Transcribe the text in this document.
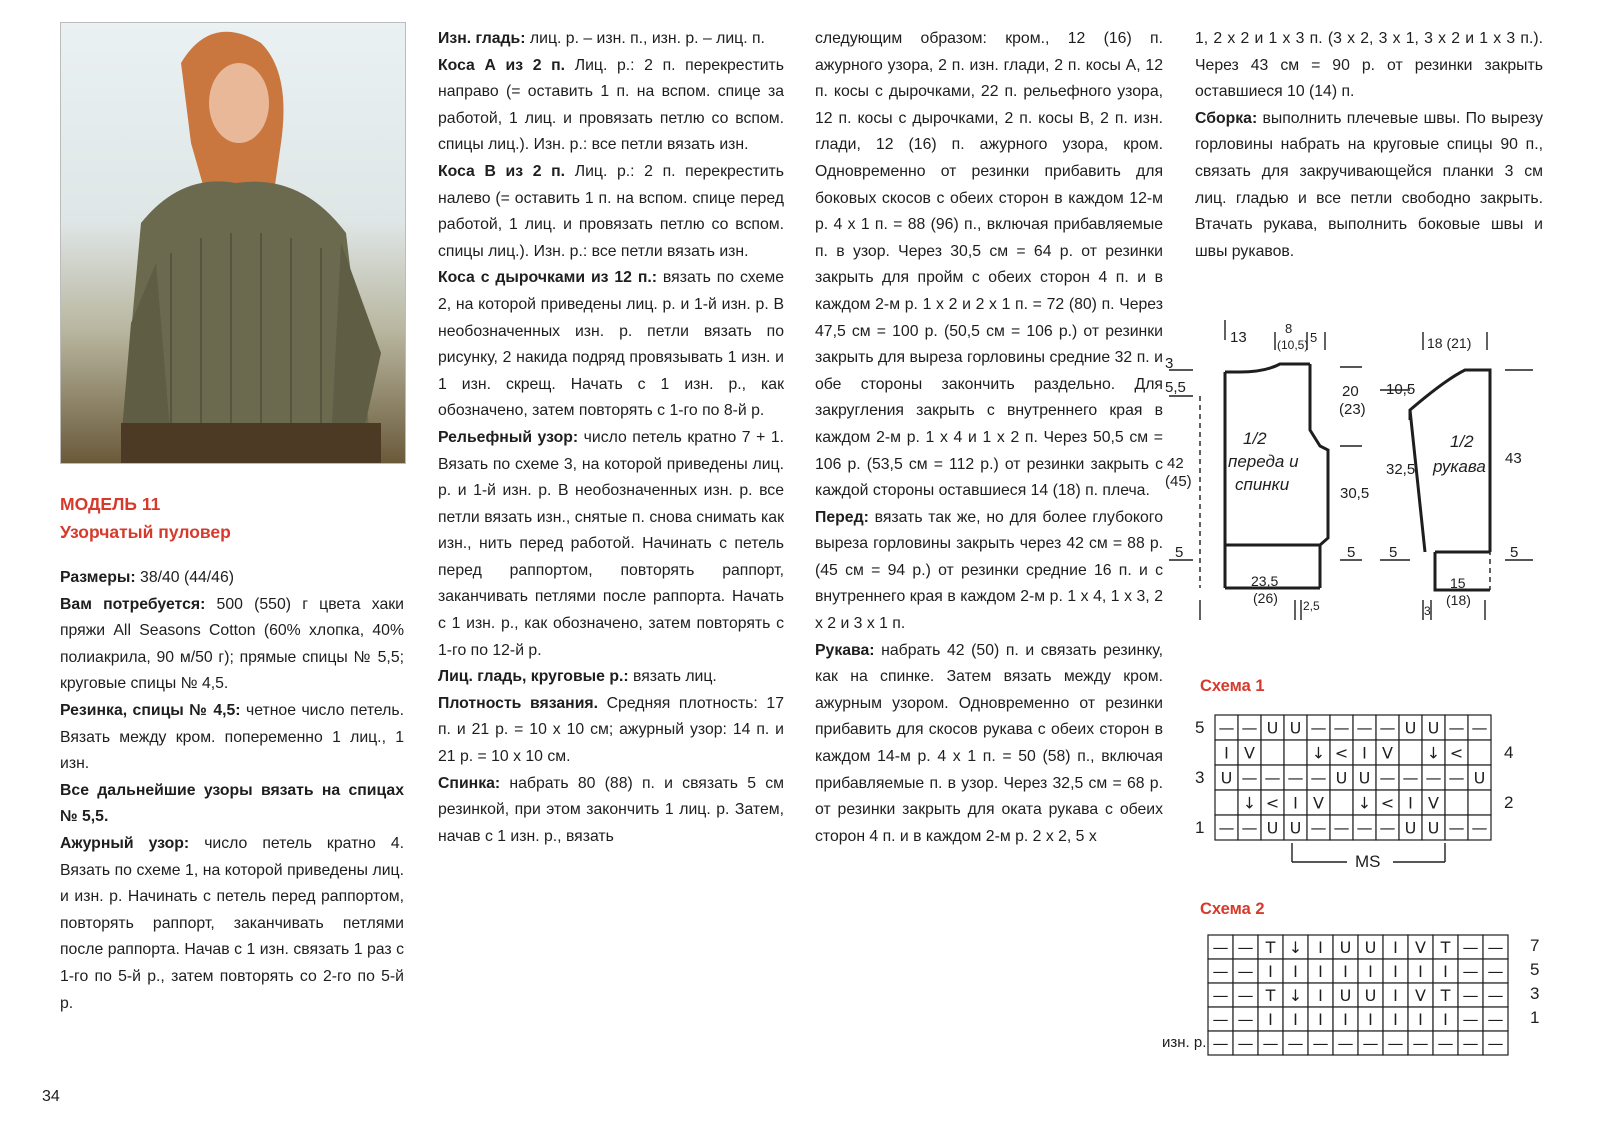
МОДЕЛЬ 11
Узорчатый пуловер

Размеры: 38/40 (44/46)

Вам потребуется: 500 (550) г цвета хаки пряжи All Seasons Cotton (60% хлопка, 40% полиакрила, 90 м/50 г); прямые спицы № 5,5; круговые спицы № 4,5.

Резинка, спицы № 4,5: четное число петель. Вязать между кром. попеременно 1 лиц., 1 изн.

Все дальнейшие узоры вязать на спицах № 5,5.

Ажурный узор: число петель кратно 4. Вязать по схеме 1, на которой приведены лиц. и изн. р. Начинать с петель перед раппортом, повторять раппорт, заканчивать петлями после раппорта. Начав с 1 изн. связать 1 раз с 1-го по 5-й р., затем повторять со 2-го по 5-й р.

Изн. гладь: лиц. р. – изн. п., изн. р. – лиц. п.

Коса А из 2 п. Лиц. р.: 2 п. перекрестить направо (= оставить 1 п. на вспом. спице за работой, 1 лиц. и провязать петлю со вспом. спицы лиц.). Изн. р.: все петли вязать изн.

Коса В из 2 п. Лиц. р.: 2 п. перекрестить налево (= оставить 1 п. на вспом. спице перед работой, 1 лиц. и провязать петлю со вспом. спицы лиц.). Изн. р.: все петли вязать изн.

Коса с дырочками из 12 п.: вязать по схеме 2, на которой приведены лиц. р. и 1-й изн. р. В необозначенных изн. р. петли вязать по рисунку, 2 накида подряд провязывать 1 изн. и 1 изн. скрещ. Начать с 1 изн. р., как обозначено, затем повторять с 1-го по 8-й р.

Рельефный узор: число петель кратно 7 + 1. Вязать по схеме 3, на которой приведены лиц. р. и 1-й изн. р. В необозначенных изн. р. все петли вязать изн., снятые п. снова снимать как изн., нить перед работой. Начинать с петель перед раппортом, повторять раппорт, заканчивать петлями после раппорта. Начать с 1 изн. р., как обозначено, затем повторять с 1-го по 12-й р.

Лиц. гладь, круговые р.: вязать лиц.

Плотность вязания. Средняя плотность: 17 п. и 21 р. = 10 х 10 см; ажурный узор: 14 п. и 21 р. = 10 х 10 см.

Спинка: набрать 80 (88) п. и связать 5 см резинкой, при этом закончить 1 лиц. р. Затем, начав с 1 изн. р., вязать

следующим образом: кром., 12 (16) п. ажурного узора, 2 п. изн. глади, 2 п. косы А, 12 п. косы с дырочками, 22 п. рельефного узора, 12 п. косы с дырочками, 2 п. косы В, 2 п. изн. глади, 12 (16) п. ажурного узора, кром. Одновременно от резинки прибавить для боковых скосов с обеих сторон в каждом 12-м р. 4 х 1 п. = 88 (96) п., включая прибавляемые п. в узор. Через 30,5 см = 64 р. от резинки закрыть для пройм с обеих сторон 4 п. и в каждом 2-м р. 1 х 2 и 2 х 1 п. = 72 (80) п. Через 47,5 см = 100 р. (50,5 см = 106 р.) от резинки закрыть для выреза горловины средние 32 п. и обе стороны закончить раздельно. Для закругления закрыть с внутреннего края в каждом 2-м р. 1 х 4 и 1 х 2 п. Через 50,5 см = 106 р. (53,5 см = 112 р.) от резинки закрыть с каждой стороны оставшиеся 14 (18) п. плеча.

Перед: вязать так же, но для более глубокого выреза горловины закрыть через 42 см = 88 р. (45 см = 94 р.) от резинки средние 16 п. и с внутреннего края в каждом 2-м р. 1 х 4, 1 х 3, 2 х 2 и 3 х 1 п.

Рукава: набрать 42 (50) п. и связать резинку, как на спинке. Затем вязать между кром. ажурным узором. Одновременно от резинки прибавить для скосов рукава с обеих сторон в каждом 14-м р. 4 х 1 п. = 50 (58) п., включая прибавляемые п. в узор. Через 32,5 см = 68 р. от резинки закрыть для оката рукава с обеих сторон 4 п. и в каждом 2-м р. 2 х 2, 5 х

1, 2 х 2 и 1 х 3 п. (3 х 2, 3 х 1, 3 х 2 и 1 х 3 п.). Через 43 см = 90 р. от резинки закрыть оставшиеся 10 (14) п.

Сборка: выполнить плечевые швы. По вырезу горловины набрать на круговые спицы 90 п., связать для закручивающейся планки 3 см лиц. гладью и все петли свободно закрыть. Втачать рукава, выполнить боковые швы и швы рукавов.

13
8
(10,5) 5
3
5,5
42
(45)
5
1/2
переда и
спинки
20
(23)
30,5
5
23,5
(26) 2,5
18 (21)
10,5
32,5
5
1/2
рукава 43
5
3
15
(18)
Схема 1
— — U U — — — — U U — —
I V	↓ < I V ↓ <
U — — — — U U — — — — U
↓ < I V ↓ < I V
— — U U — — — — U U — —
5
3
1
4
2
MS
Схема 2
— — T ↓ I U U I V T — —
— — I I I I I I I I — —
— — T ↓ I U U I V T — —
— — I I I I I I I I — —
— — — — — — — — — — — —
7
5
3
1
изн. р.
34
